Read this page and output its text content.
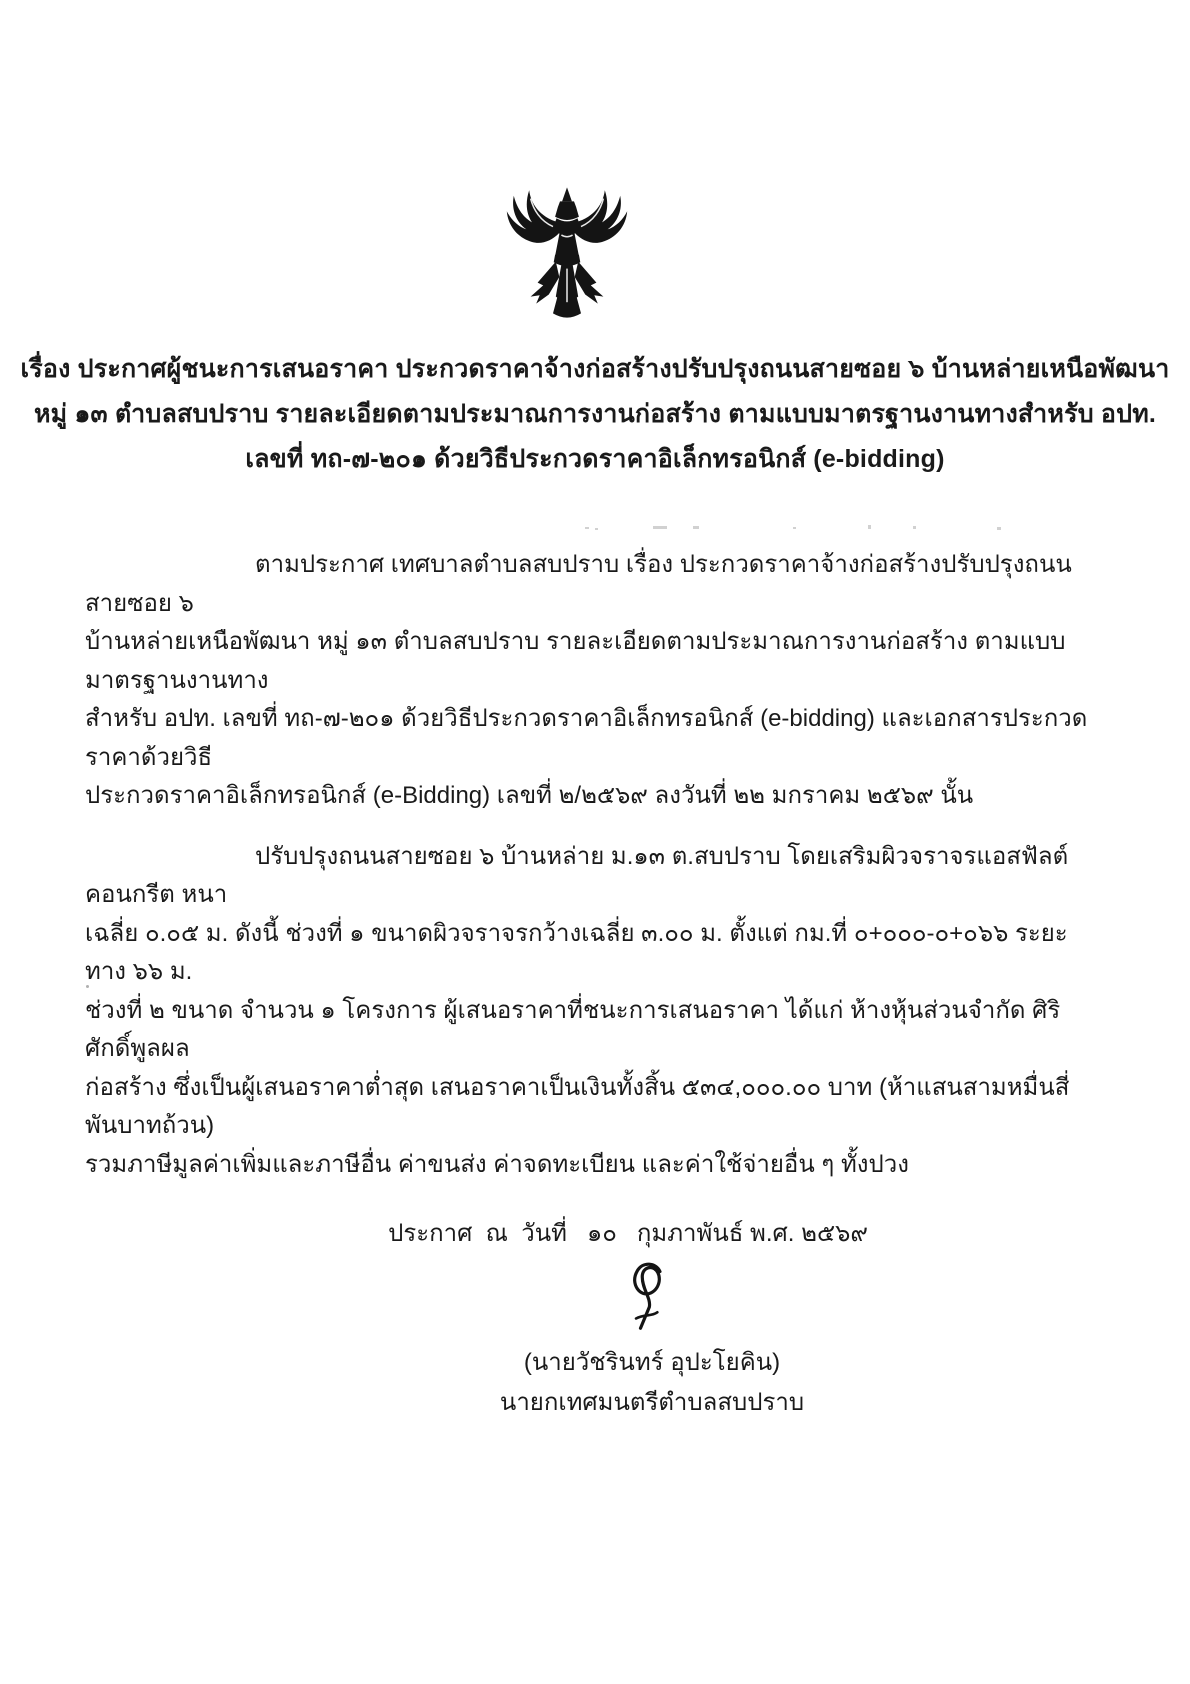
เรื่อง ประกาศผู้ชนะการเสนอราคา ประกวดราคาจ้างก่อสร้างปรับปรุงถนนสายซอย ๖ บ้านหล่ายเหนือพัฒนา
หมู่ ๑๓ ตำบลสบปราบ รายละเอียดตามประมาณการงานก่อสร้าง ตามแบบมาตรฐานงานทางสำหรับ อปท.
เลขที่ ทถ-๗-๒๐๑ ด้วยวิธีประกวดราคาอิเล็กทรอนิกส์ (e-bidding)
ตามประกาศ เทศบาลตำบลสบปราบ เรื่อง ประกวดราคาจ้างก่อสร้างปรับปรุงถนนสายซอย ๖
บ้านหล่ายเหนือพัฒนา หมู่ ๑๓ ตำบลสบปราบ รายละเอียดตามประมาณการงานก่อสร้าง ตามแบบมาตรฐานงานทาง
สำหรับ อปท. เลขที่ ทถ-๗-๒๐๑ ด้วยวิธีประกวดราคาอิเล็กทรอนิกส์ (e-bidding) และเอกสารประกวดราคาด้วยวิธี
ประกวดราคาอิเล็กทรอนิกส์ (e-Bidding) เลขที่ ๒/๒๕๖๙ ลงวันที่ ๒๒ มกราคม ๒๕๖๙ นั้น
ปรับปรุงถนนสายซอย ๖ บ้านหล่าย ม.๑๓ ต.สบปราบ โดยเสริมผิวจราจรแอสฟัลต์คอนกรีต หนา
เฉลี่ย ๐.๐๕ ม. ดังนี้ ช่วงที่ ๑ ขนาดผิวจราจรกว้างเฉลี่ย ๓.๐๐ ม. ตั้งแต่ กม.ที่ ๐+๐๐๐-๐+๐๖๖ ระยะทาง ๖๖ ม.
ช่วงที่ ๒ ขนาด จำนวน ๑ โครงการ ผู้เสนอราคาที่ชนะการเสนอราคา ได้แก่ ห้างหุ้นส่วนจำกัด ศิริศักดิ์พูลผล
ก่อสร้าง ซึ่งเป็นผู้เสนอราคาต่ำสุด เสนอราคาเป็นเงินทั้งสิ้น ๕๓๔,๐๐๐.๐๐ บาท (ห้าแสนสามหมื่นสี่พันบาทถ้วน)
รวมภาษีมูลค่าเพิ่มและภาษีอื่น ค่าขนส่ง ค่าจดทะเบียน และค่าใช้จ่ายอื่น ๆ ทั้งปวง
ประกาศ  ณ  วันที่   ๑๐   กุมภาพันธ์ พ.ศ. ๒๕๖๙
(นายวัชรินทร์ อุปะโยคิน)
นายกเทศมนตรีตำบลสบปราบ
